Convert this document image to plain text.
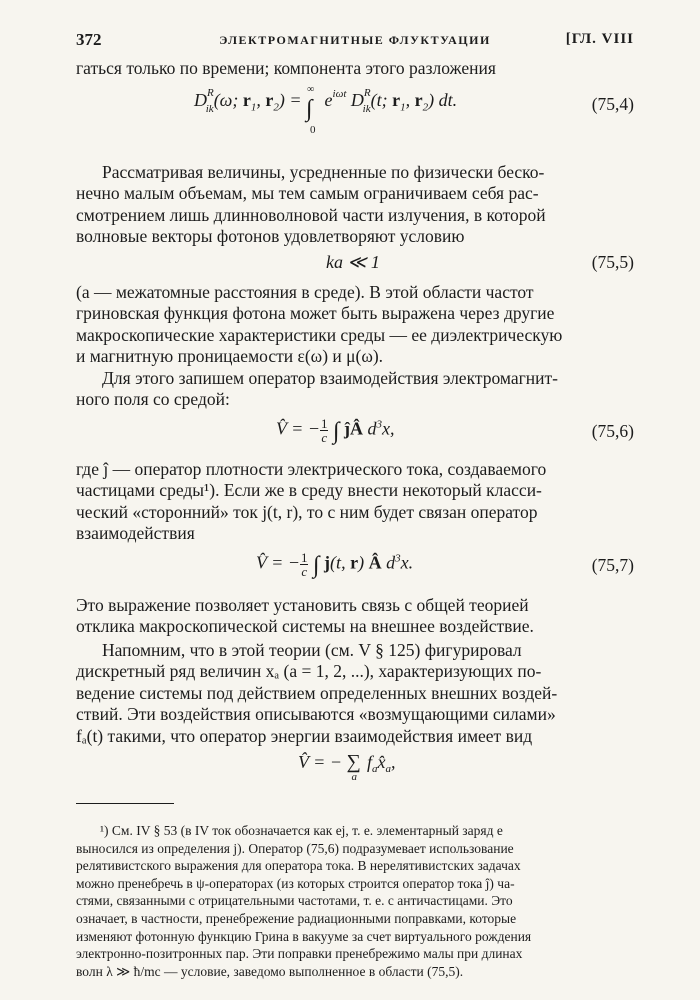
372	ЭЛЕКТРОМАГНИТНЫЕ ФЛУКТУАЦИИ	[ГЛ. VIII

гаться только по времени; компонента этого разложения

$D^R_{ik}(\omega$; $r_1$, $r_2$) =
∞
∫
0
$e^{i\omega t}$ $D^R_{ik}(t$; $r_1$, $r_2$) dt.	(75,4)

Рассматривая величины, усредненные по физически беско-
нечно малым объемам, мы тем самым ограничиваем себя рас-
смотрением лишь длинноволновой части излучения, в которой
волновые векторы фотонов удовлетворяют условию

ka ≪ 1	(75,5)

(a — межатомные расстояния в среде). В этой области частот
гриновская функция фотона может быть выражена через другие
макроскопические характеристики среды — ее диэлектрическую
и магнитную проницаемости ε(ω) и μ(ω).

Для этого запишем оператор взаимодействия электромагнит-
ного поля со средой:

V̂ = − $\frac{1}{c}$ ∫ ĵÂ $d^3x$,	(75,6)

где ĵ — оператор плотности электрического тока, создаваемого
частицами среды¹). Если же в среду внести некоторый класси-
ческий «сторонний» ток j(t, r), то с ним будет связан оператор
взаимодействия

V̂ = − $\frac{1}{c}$ ∫ j(t, r) Â $d^3x$.	(75,7)

Это выражение позволяет установить связь с общей теорией
отклика макроскопической системы на внешнее воздействие.

Напомним, что в этой теории (см. V § 125) фигурировал
дискретный ряд величин xₐ (a = 1, 2, ...), характеризующих по-
ведение системы под действием определенных внешних воздей-
ствий. Эти воздействия описываются «возмущающими силами»
fₐ(t) такими, что оператор энергии взаимодействия имеет вид

V̂ = − ∑
a
$f_ax̂_a$,

¹) См. IV § 53 (в IV ток обозначается как ej, т. е. элементарный заряд e

выносился из определения j). Оператор (75,6) подразумевает использование

релятивистского выражения для оператора тока. В нерелятивистских задачах

можно пренебречь в ψ-операторах (из которых строится оператор тока ĵ) ча-

стями, связанными с отрицательными частотами, т. е. с античастицами. Это

означает, в частности, пренебрежение радиационными поправками, которые

изменяют фотонную функцию Грина в вакууме за счет виртуального рождения

электронно-позитронных пар. Эти поправки пренебрежимо малы при длинах

волн λ ≫ ħ/mc — условие, заведомо выполненное в области (75,5).
